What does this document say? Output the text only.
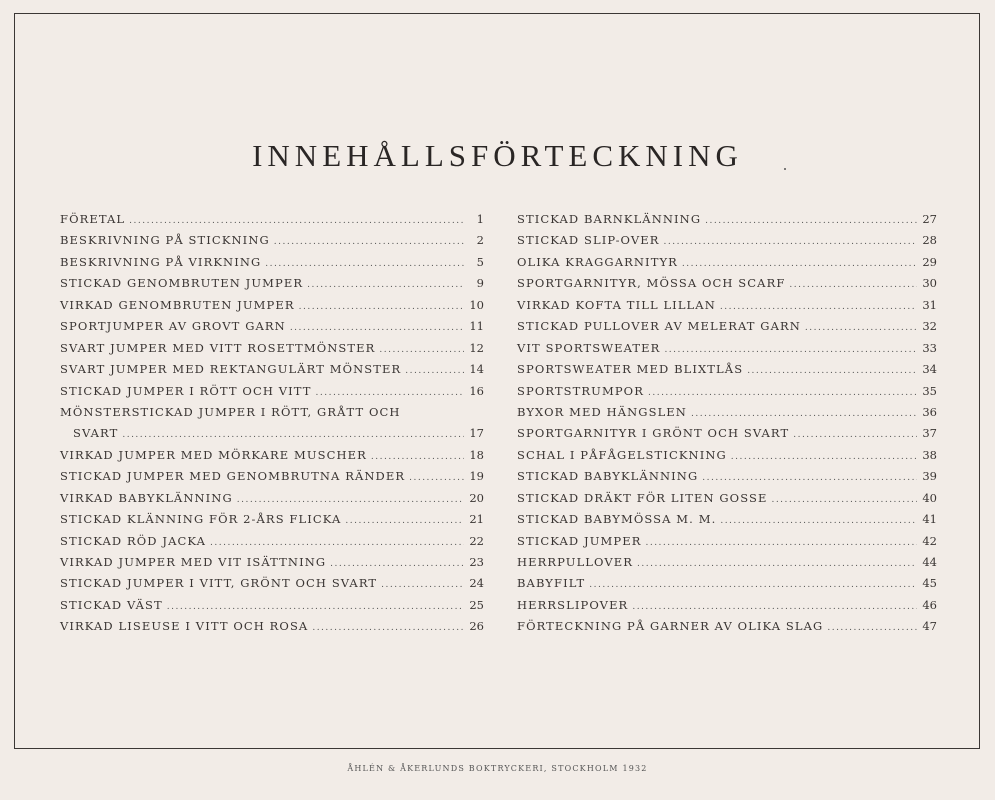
INNEHÅLLSFÖRTECKNING
FÖRETAL .....	1
BESKRIVNING PÅ STICKNING .....	2
BESKRIVNING PÅ VIRKNING .....	5
STICKAD GENOMBRUTEN JUMPER .....	9
VIRKAD GENOMBRUTEN JUMPER .....	10
SPORTJUMPER AV GROVT GARN .....	11
SVART JUMPER MED VITT ROSETTMÖNSTER .....	12
SVART JUMPER MED REKTANGULÄRT MÖNSTER .....	14
STICKAD JUMPER I RÖTT OCH VITT .....	16
MÖNSTERSTICKAD JUMPER I RÖTT, GRÅTT OCH
SVART .....	17
VIRKAD JUMPER MED MÖRKARE MUSCHER .....	18
STICKAD JUMPER MED GENOMBRUTNA RÄNDER .....	19
VIRKAD BABYKLÄNNING .....	20
STICKAD KLÄNNING FÖR 2-ÅRS FLICKA .....	21
STICKAD RÖD JACKA .....	22
VIRKAD JUMPER MED VIT ISÄTTNING .....	23
STICKAD JUMPER I VITT, GRÖNT OCH SVART .....	24
STICKAD VÄST .....	25
VIRKAD LISEUSE I VITT OCH ROSA .....	26
STICKAD BARNKLÄNNING .....	27
STICKAD SLIP-OVER .....	28
OLIKA KRAGGARNITYR .....	29
SPORTGARNITYR, MÖSSA OCH SCARF .....	30
VIRKAD KOFTA TILL LILLAN .....	31
STICKAD PULLOVER AV MELERAT GARN .....	32
VIT SPORTSWEATER .....	33
SPORTSWEATER MED BLIXTLÅS .....	34
SPORTSTRUMPOR .....	35
BYXOR MED HÄNGSLEN .....	36
SPORTGARNITYR I GRÖNT OCH SVART .....	37
SCHAL I PÅFÅGELSTICKNING .....	38
STICKAD BABYKLÄNNING .....	39
STICKAD DRÄKT FÖR LITEN GOSSE .....	40
STICKAD BABYMÖSSA M. M. .....	41
STICKAD JUMPER .....	42
HERRPULLOVER .....	44
BABYFILT .....	45
HERRSLIPOVER .....	46
FÖRTECKNING PÅ GARNER AV OLIKA SLAG .....	47
ÅHLÉN & ÅKERLUNDS BOKTRYCKERI, STOCKHOLM 1932
